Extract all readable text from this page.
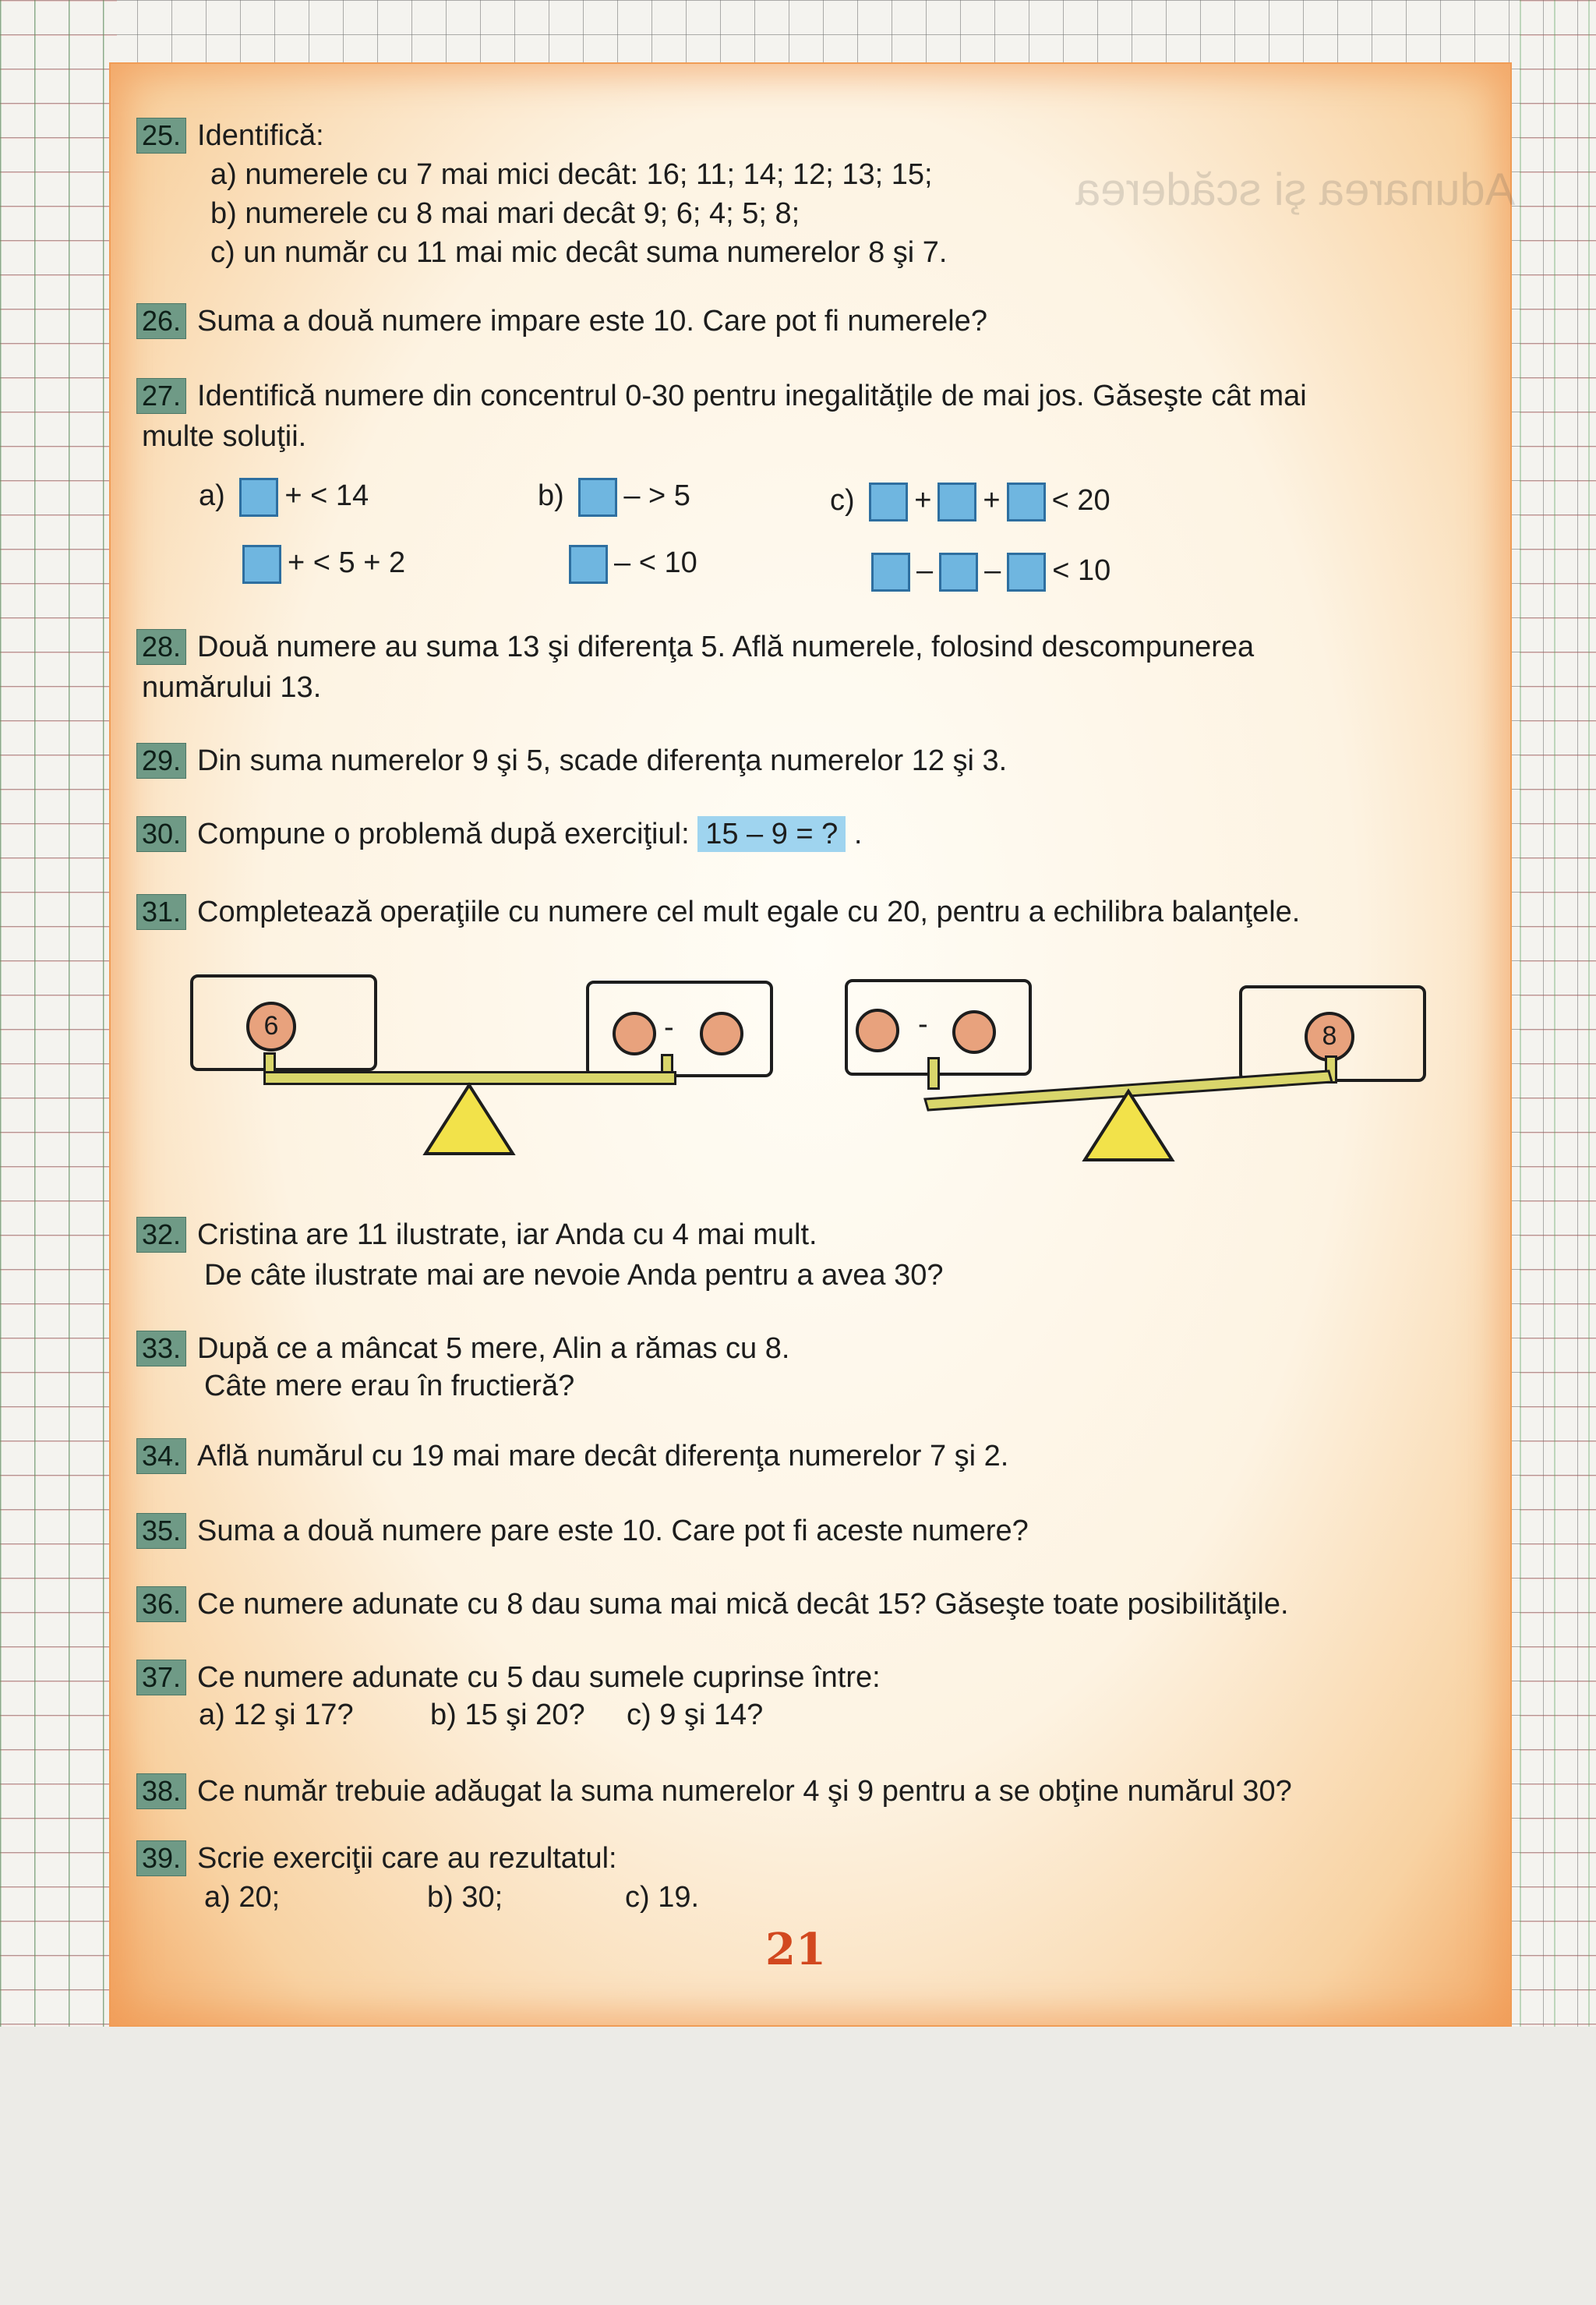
Adunarea şi scăderea
25. Identifică:
a) numerele cu 7 mai mici decât: 16; 11; 14; 12; 13; 15;
b) numerele cu 8 mai mari decât 9; 6; 4; 5; 8;
c) un număr cu 11 mai mic decât suma numerelor 8 şi 7.
26. Suma a două numere impare este 10. Care pot fi numerele?
27. Identifică numere din concentrul 0-30 pentru inegalităţile de mai jos. Găseşte cât mai
multe soluţii.
a) + < 14
+ < 5 + 2
b) – > 5
– < 10
c) + + < 20
– – < 10
28. Două numere au suma 13 şi diferenţa 5. Află numerele, folosind descompunerea
numărului 13.
29. Din suma numerelor 9 şi 5, scade diferenţa numerelor 12 şi 3.
30. Compune o problemă după exerciţiul: 15 – 9 = ? .
31. Completează operaţiile cu numere cel mult egale cu 20, pentru a echilibra balanţele.
6	-	-	8
32. Cristina are 11 ilustrate, iar Anda cu 4 mai mult.
De câte ilustrate mai are nevoie Anda pentru a avea 30?
33. După ce a mâncat 5 mere, Alin a rămas cu 8.
Câte mere erau în fructieră?
34. Află numărul cu 19 mai mare decât diferenţa numerelor 7 şi 2.
35. Suma a două numere pare este 10. Care pot fi aceste numere?
36. Ce numere adunate cu 8 dau suma mai mică decât 15? Găseşte toate posibilităţile.
37. Ce numere adunate cu 5 dau sumele cuprinse între:
a) 12 şi 17?	b) 15 şi 20? c) 9 şi 14?
38. Ce număr trebuie adăugat la suma numerelor 4 şi 9 pentru a se obţine numărul 30?
39. Scrie exerciţii care au rezultatul:
a) 20;	b) 30;	c) 19.
21
